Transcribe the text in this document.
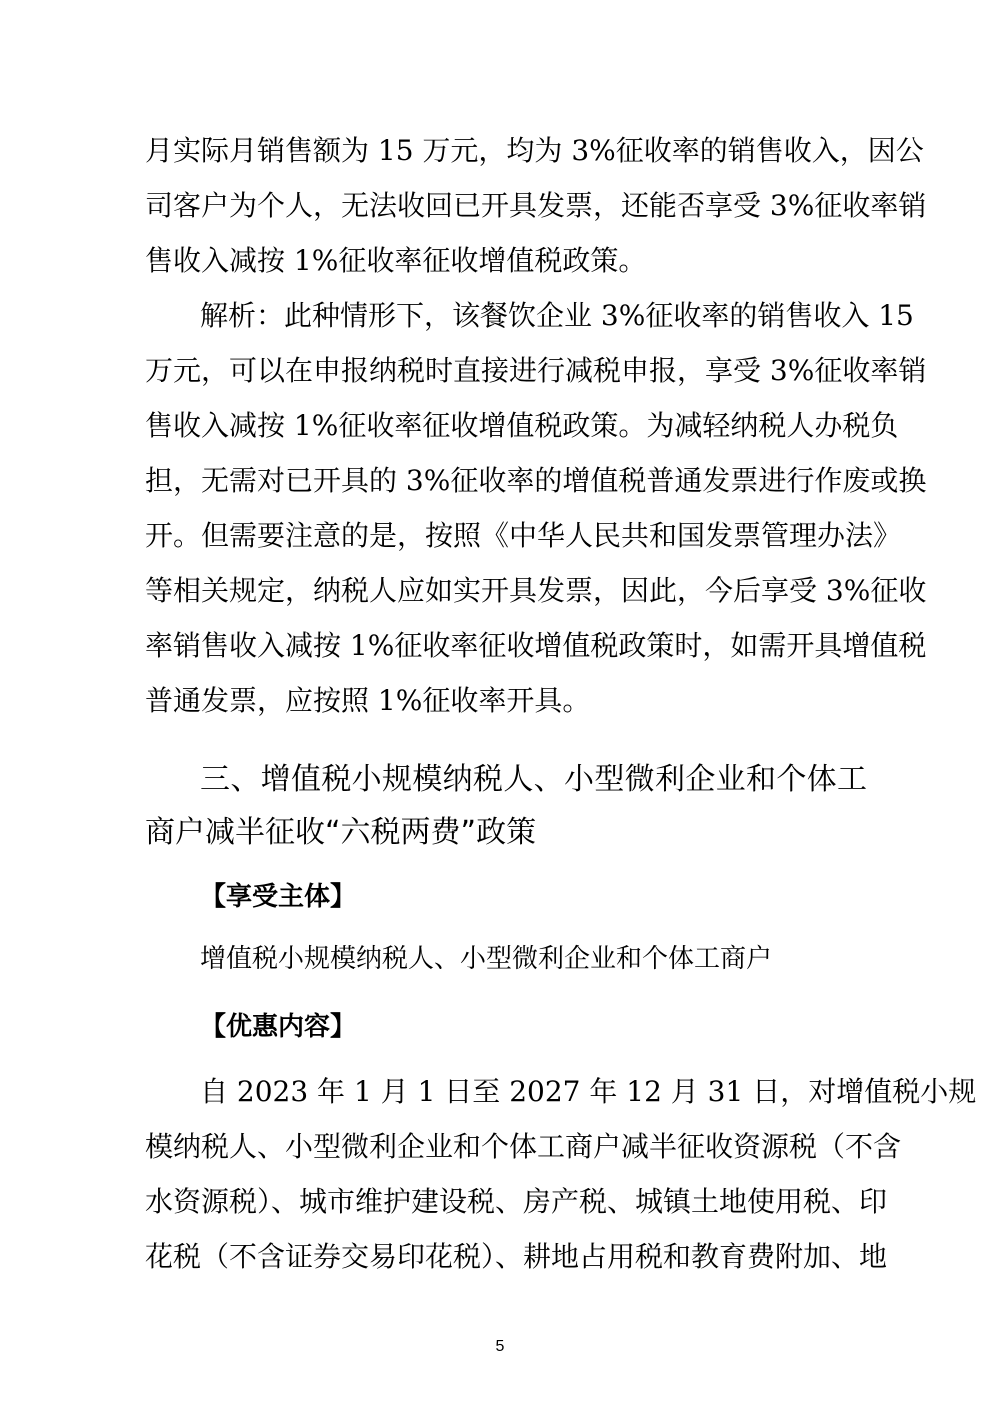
月实际月销售额为 15 万元，均为 3%征收率的销售收入，因公
司客户为个人，无法收回已开具发票，还能否享受 3%征收率销
售收入减按 1%征收率征收增值税政策。
解析：此种情形下，该餐饮企业 3%征收率的销售收入 15
万元，可以在申报纳税时直接进行减税申报，享受 3%征收率销
售收入减按 1%征收率征收增值税政策。为减轻纳税人办税负
担，无需对已开具的 3%征收率的增值税普通发票进行作废或换
开。但需要注意的是，按照《中华人民共和国发票管理办法》
等相关规定，纳税人应如实开具发票，因此，今后享受 3%征收
率销售收入减按 1%征收率征收增值税政策时，如需开具增值税
普通发票，应按照 1%征收率开具。
三、增值税小规模纳税人、小型微利企业和个体工
商户减半征收“六税两费”政策
【享受主体】
增值税小规模纳税人、小型微利企业和个体工商户
【优惠内容】
自 2023 年 1 月 1 日至 2027 年 12 月 31 日，对增值税小规
模纳税人、小型微利企业和个体工商户减半征收资源税（不含
水资源税）、城市维护建设税、房产税、城镇土地使用税、印
花税（不含证券交易印花税）、耕地占用税和教育费附加、地
5
